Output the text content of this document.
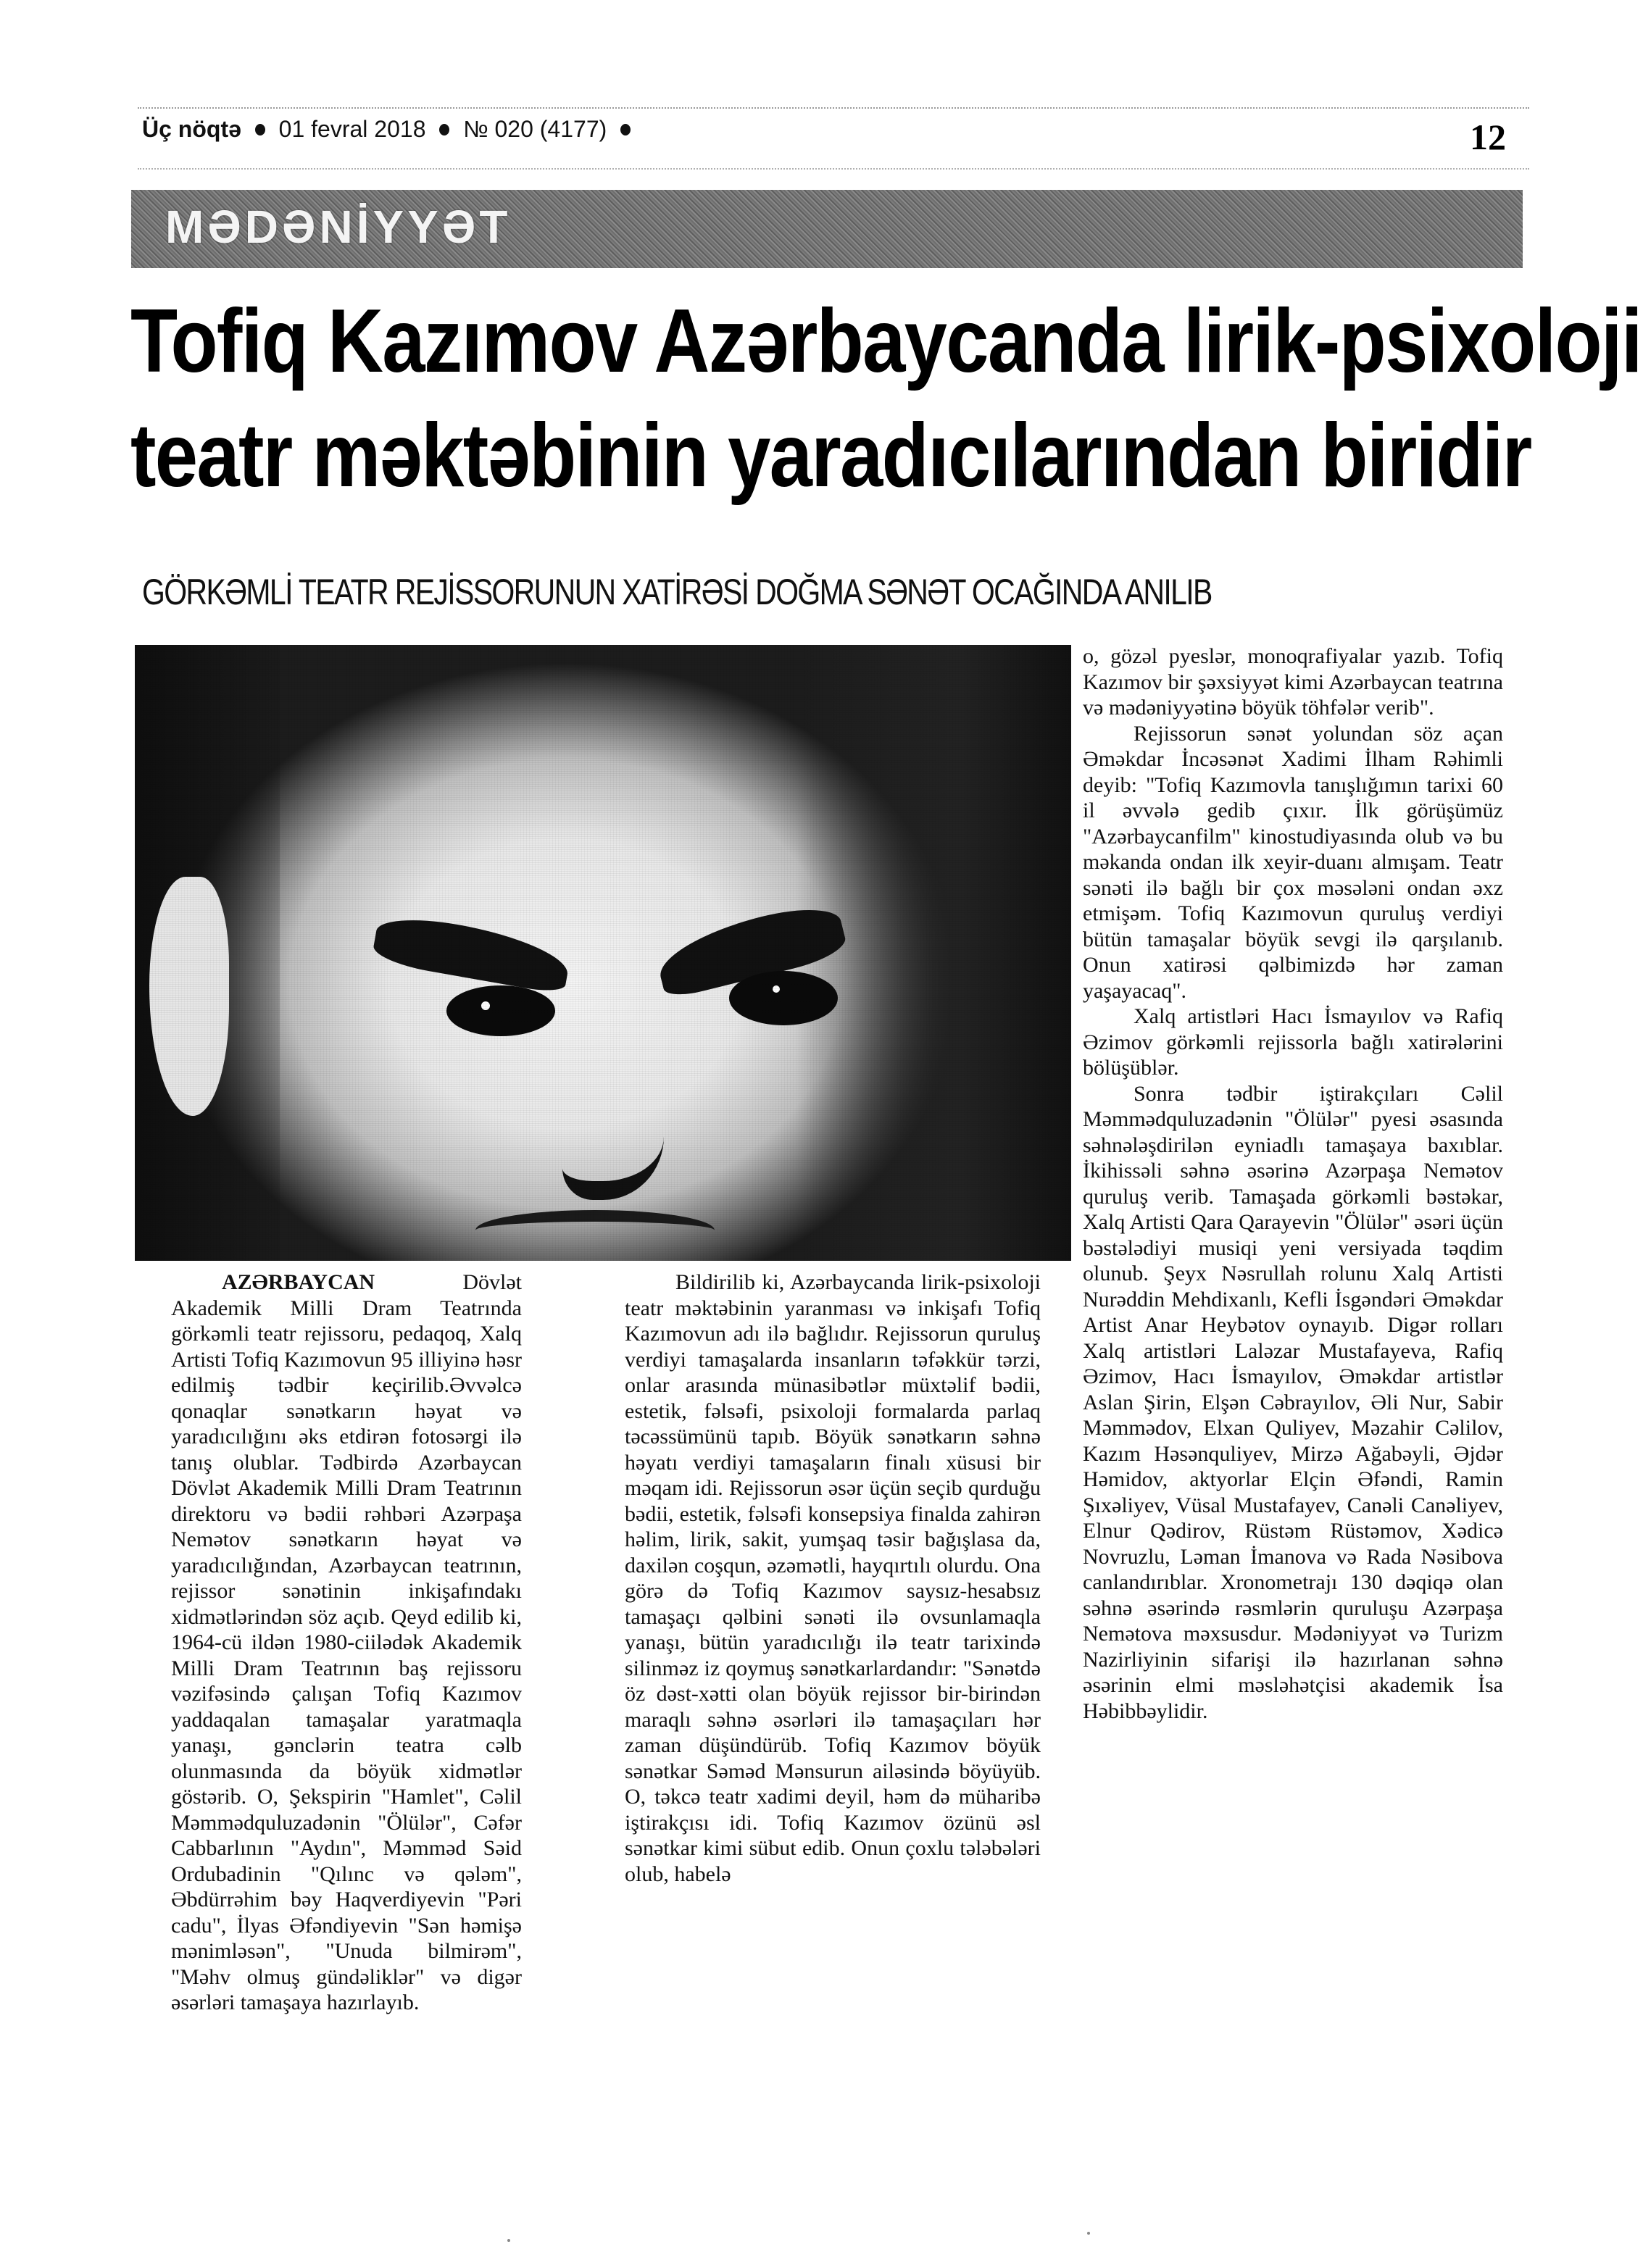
Üç nöqtə 01 fevral 2018 № 020 (4177)	12
MƏDƏNİYYƏT
Tofiq Kazımov Azərbaycanda lirik-psixoloji
teatr məktəbinin yaradıcılarından biridir
GÖRKƏMLİ TEATR REJİSSORUNUN XATİRƏSİ DOĞMA SƏNƏT OCAĞINDA ANILIB

AZƏRBAYCAN Dövlət Akademik Milli Dram Teatrında görkəmli teatr rejissoru, pedaqoq, Xalq Artisti Tofiq Kazımovun 95 illiyinə həsr edilmiş tədbir keçirilib.Əvvəlcə qonaqlar sənətkarın həyat və yaradıcılığını əks etdirən fotosərgi ilə tanış olublar. Tədbirdə Azərbaycan Dövlət Akademik Milli Dram Teatrının direktoru və bədii rəhbəri Azərpaşa Nemətov sənətkarın həyat və yaradıcılığından, Azərbaycan teatrının, rejissor sənətinin inkişafındakı xidmətlərindən söz açıb. Qeyd edilib ki, 1964-cü ildən 1980-ciilədək Akademik Milli Dram Teatrının baş rejissoru vəzifəsində çalışan Tofiq Kazımov yaddaqalan tamaşalar yaratmaqla yanaşı, gənclərin teatra cəlb olunmasında da böyük xidmətlər göstərib. O, Şekspirin "Hamlet", Cəlil Məmmədquluzadənin "Ölülər", Cəfər Cabbarlının "Aydın", Məmməd Səid Ordubadinin "Qılınc və qələm", Əbdürrəhim bəy Haqverdiyevin "Pəri cadu", İlyas Əfəndiyevin "Sən həmişə mənimləsən", "Unuda bilmirəm", "Məhv olmuş gündəliklər" və digər əsərləri tamaşaya hazırlayıb.

Bildirilib ki, Azərbaycanda lirik-psixoloji teatr məktəbinin yaranması və inkişafı Tofiq Kazımovun adı ilə bağlıdır. Rejissorun quruluş verdiyi tamaşalarda insanların təfəkkür tərzi, onlar arasında münasibətlər müxtəlif bədii, estetik, fəlsəfi, psixoloji formalarda parlaq təcəssümünü tapıb. Böyük sənətkarın səhnə həyatı verdiyi tamaşaların finalı xüsusi bir məqam idi. Rejissorun əsər üçün seçib qurduğu bədii, estetik, fəlsəfi konsepsiya finalda zahirən həlim, lirik, sakit, yumşaq təsir bağışlasa da, daxilən coşqun, əzəmətli, hayqırtılı olurdu. Ona görə də Tofiq Kazımov saysız-hesabsız tamaşaçı qəlbini sənəti ilə ovsunlamaqla yanaşı, bütün yaradıcılığı ilə teatr tarixində silinməz iz qoymuş sənətkarlardandır: "Sənətdə öz dəst-xətti olan böyük rejissor bir-birindən maraqlı səhnə əsərləri ilə tamaşaçıları hər zaman düşündürüb. Tofiq Kazımov böyük sənətkar Səməd Mənsurun ailəsində böyüyüb. O, təkcə teatr xadimi deyil, həm də müharibə iştirakçısı idi. Tofiq Kazımov özünü əsl sənətkar kimi sübut edib. Onun çoxlu tələbələri olub, habelə

o, gözəl pyeslər, monoqrafiyalar yazıb. Tofiq Kazımov bir şəxsiyyət kimi Azərbaycan teatrına və mədəniyyətinə böyük töhfələr verib".

Rejissorun sənət yolundan söz açan Əməkdar İncəsənət Xadimi İlham Rəhimli deyib: "Tofiq Kazımovla tanışlığımın tarixi 60 il əvvələ gedib çıxır. İlk görüşümüz "Azərbaycanfilm" kinostudiyasında olub və bu məkanda ondan ilk xeyir-duanı almışam. Teatr sənəti ilə bağlı bir çox məsələni ondan əxz etmişəm. Tofiq Kazımovun quruluş verdiyi bütün tamaşalar böyük sevgi ilə qarşılanıb. Onun xatirəsi qəlbimizdə hər zaman yaşayacaq".

Xalq artistləri Hacı İsmayılov və Rafiq Əzimov görkəmli rejissorla bağlı xatirələrini bölüşüblər.

Sonra tədbir iştirakçıları Cəlil Məmmədquluzadənin "Ölülər" pyesi əsasında səhnələşdirilən eyniadlı tamaşaya baxıblar. İkihissəli səhnə əsərinə Azərpaşa Nemətov quruluş verib. Tamaşada görkəmli bəstəkar, Xalq Artisti Qara Qarayevin "Ölülər" əsəri üçün bəstələdiyi musiqi yeni versiyada təqdim olunub. Şeyx Nəsrullah rolunu Xalq Artisti Nurəddin Mehdixanlı, Kefli İsgəndəri Əməkdar Artist Anar Heybətov oynayıb. Digər rolları Xalq artistləri Laləzar Mustafayeva, Rafiq Əzimov, Hacı İsmayılov, Əməkdar artistlər Aslan Şirin, Elşən Cəbrayılov, Əli Nur, Sabir Məmmədov, Elxan Quliyev, Məzahir Cəlilov, Kazım Həsənquliyev, Mirzə Ağabəyli, Əjdər Həmidov, aktyorlar Elçin Əfəndi, Ramin Şıxəliyev, Vüsal Mustafayev, Canəli Canəliyev, Elnur Qədirov, Rüstəm Rüstəmov, Xədicə Novruzlu, Ləman İmanova və Rada Nəsibova canlandırıblar. Xronometrajı 130 dəqiqə olan səhnə əsərində rəsmlərin quruluşu Azərpaşa Nemətova məxsusdur. Mədəniyyət və Turizm Nazirliyinin sifarişi ilə hazırlanan səhnə əsərinin elmi məsləhətçisi akademik İsa Həbibbəylidir.
